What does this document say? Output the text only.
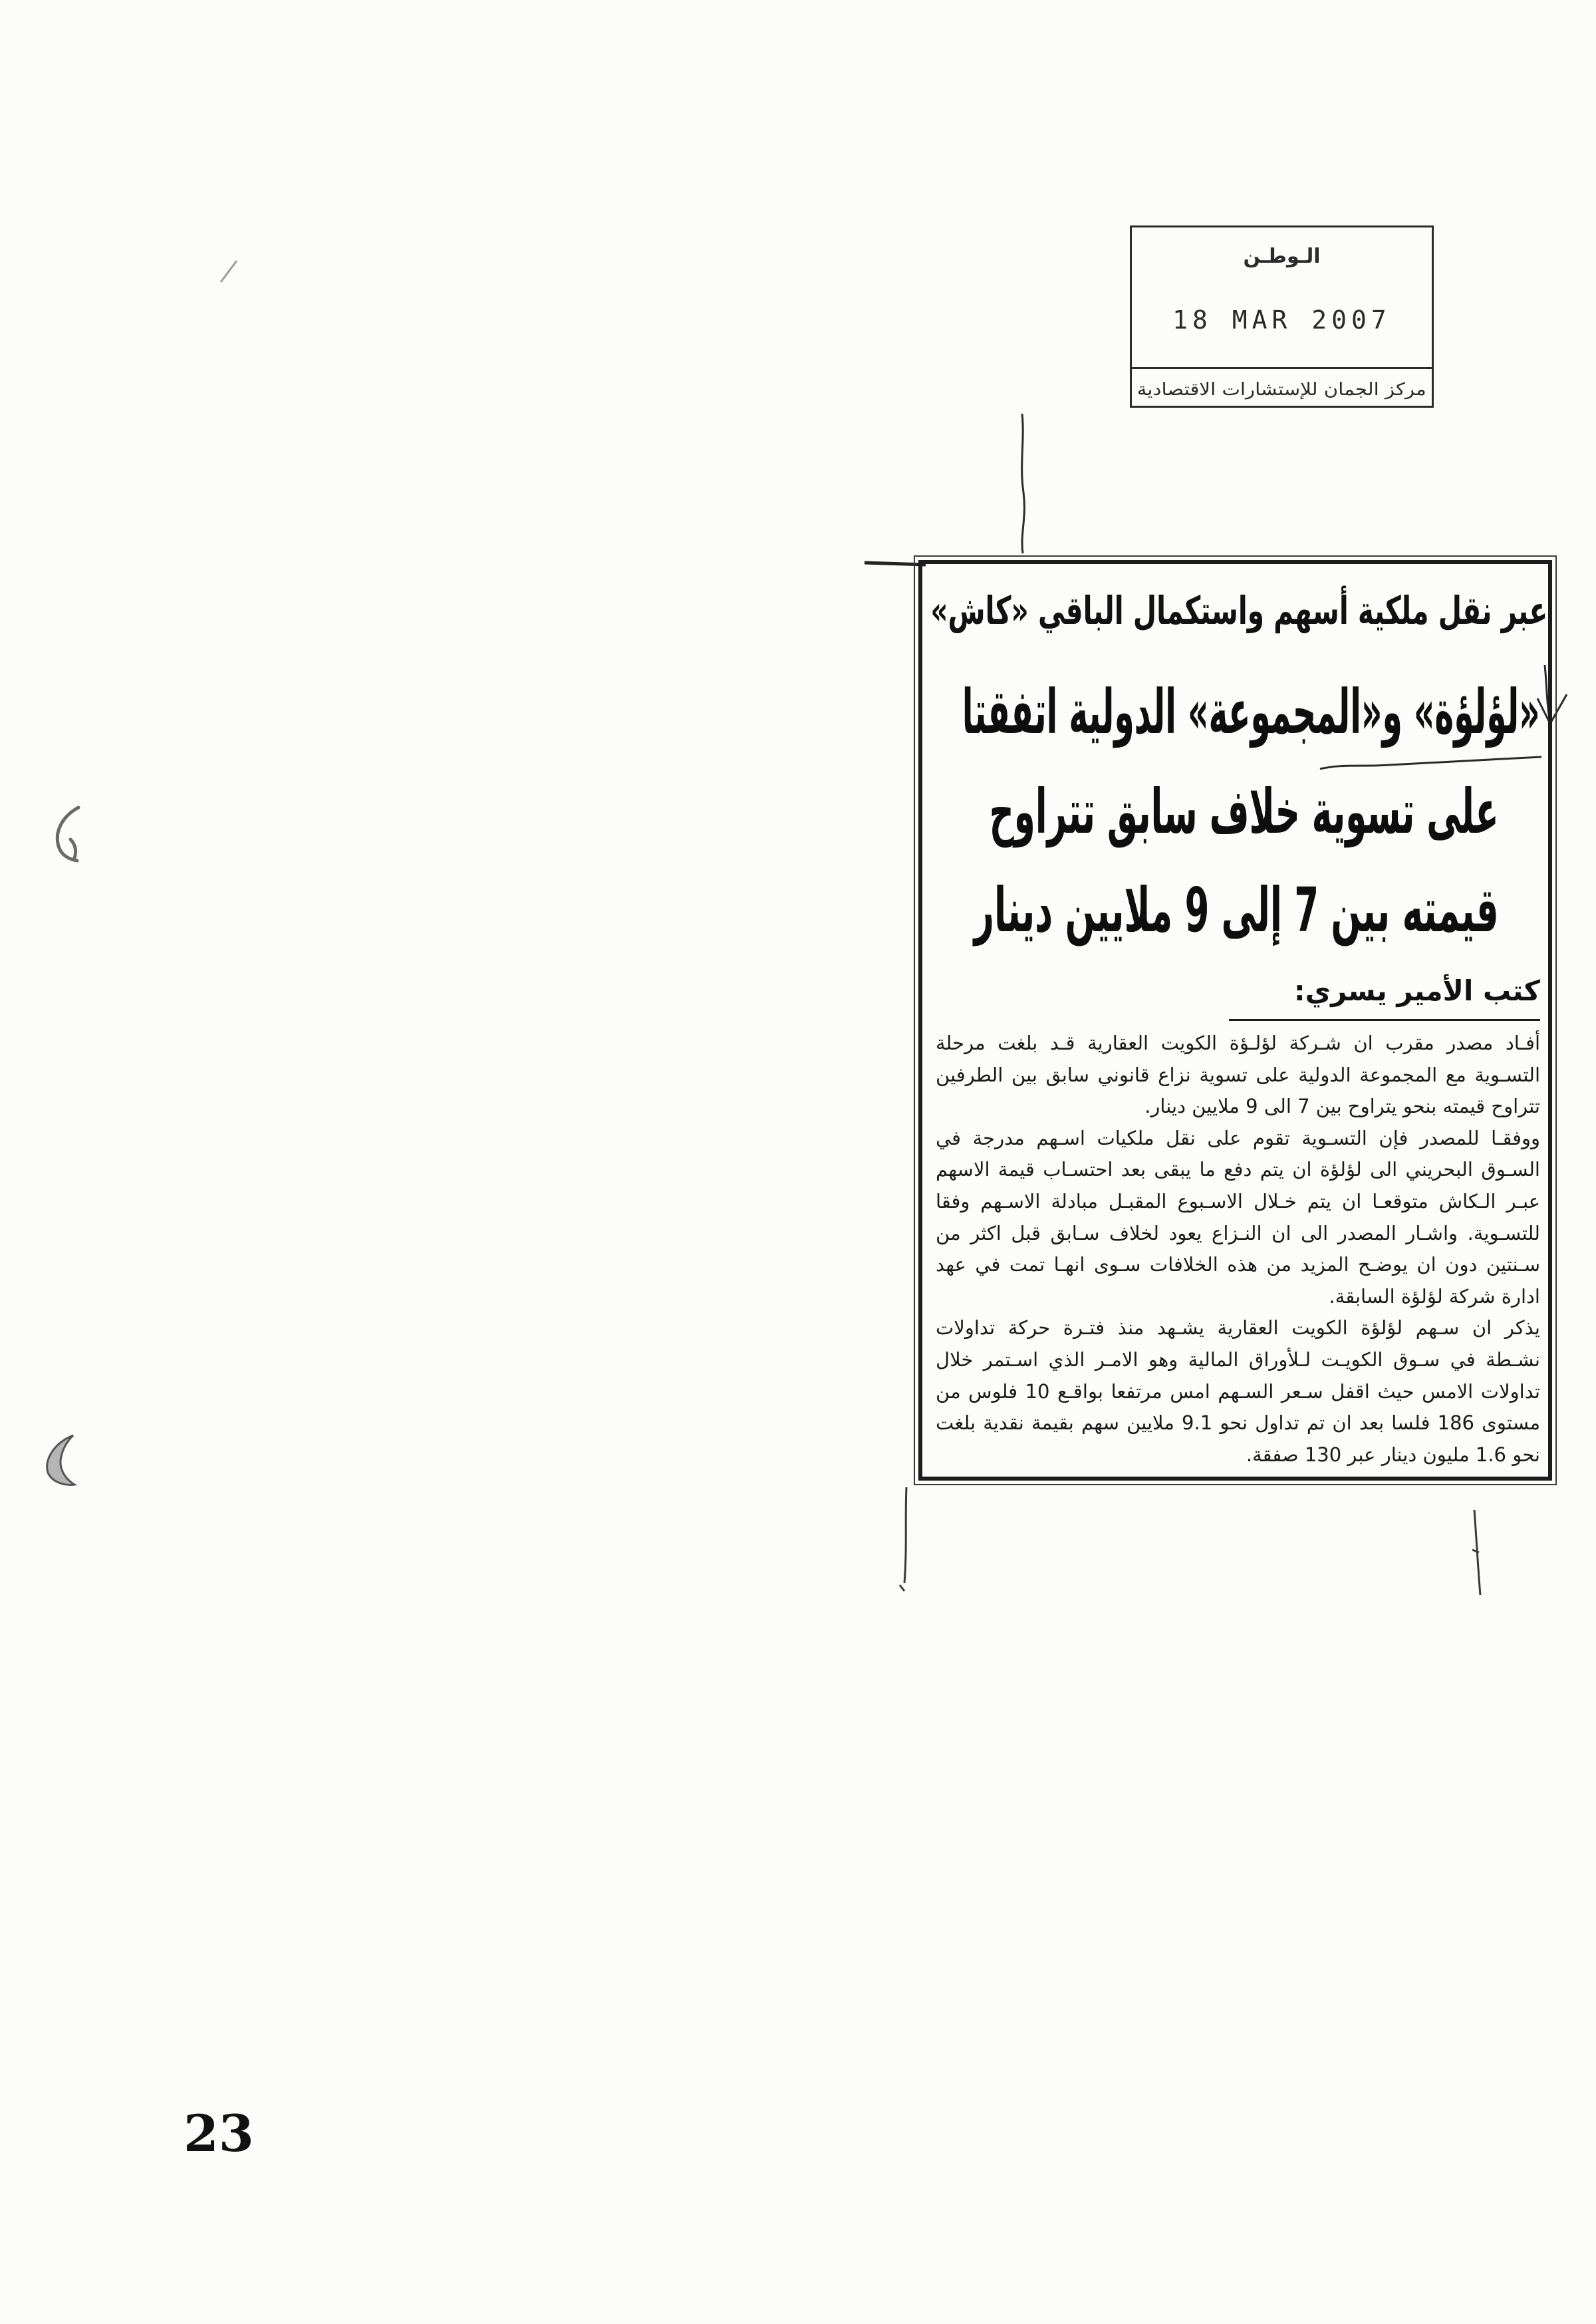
الـوطـن
18 MAR 2007
مركز الجمان للإستشارات الاقتصادية
عبر نقل ملكية أسهم واستكمال الباقي «كاش»
«لؤلؤة» و«المجموعة» الدولية اتفقتا
على تسوية خلاف سابق تتراوح
قيمته بين 7 إلى 9 ملايين دينار
كتب الأمير يسري:
أفـاد مصدر مقرب ان شـركة لؤلـؤة الكويت العقارية قـد بلغت مرحلة
التسـوية مع المجموعة الدولية على تسوية نزاع قانوني سابق بين الطرفين
تتراوح قيمته بنحو يتراوح بين 7 الى 9 ملايين دينار.
ووفقـا للمصدر فإن التسـوية تقوم على نقل ملكيات اسـهم مدرجة في
السـوق البحريني الى لؤلؤة ان يتم دفع ما يبقى بعد احتسـاب قيمة الاسهم
عبـر الـكاش متوقعـا ان يتم خـلال الاسـبوع المقبـل مبادلة الاسـهم وفقا
للتسـوية. واشـار المصدر الى ان النـزاع يعود لخلاف سـابق قبل اكثر من
سـنتين دون ان يوضـح المزيد من هذه الخلافات سـوى انهـا تمت في عهد
ادارة شركة لؤلؤة السابقة.
يذكر ان سـهم لؤلؤة الكويت العقارية يشـهد منذ فتـرة حركة تداولات
نشـطة في سـوق الكويـت لـلأوراق المالية وهو الامـر الذي اسـتمر خلال
تداولات الامس حيث اقفل سـعر السـهم امس مرتفعا بواقـع 10 فلوس من
مستوى 186 فلسا بعد ان تم تداول نحو 9.1 ملايين سهم بقيمة نقدية بلغت
نحو 1.6 مليون دينار عبر 130 صفقة.
23
